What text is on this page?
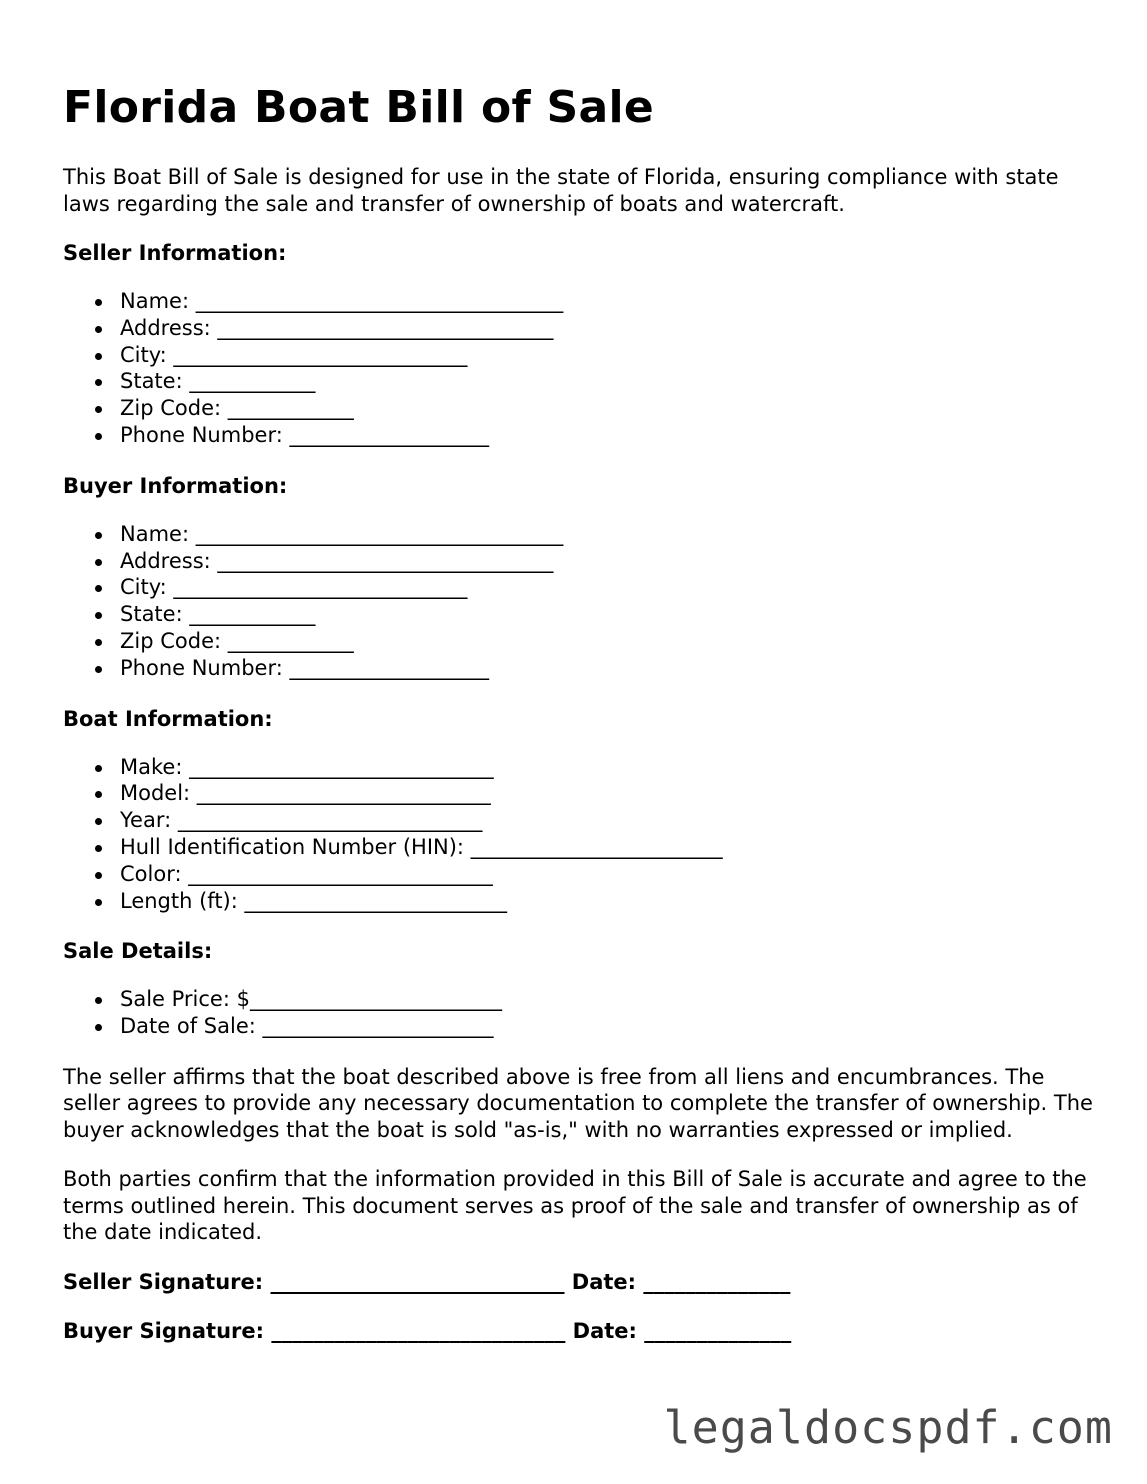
Florida Boat Bill of Sale

This Boat Bill of Sale is designed for use in the state of Florida, ensuring compliance with state laws regarding the sale and transfer of ownership of boats and watercraft.

Seller Information:
Name: ___________________________________
Address: ________________________________
City: ____________________________
State: ____________
Zip Code: ____________
Phone Number: ___________________
Buyer Information:
Name: ___________________________________
Address: ________________________________
City: ____________________________
State: ____________
Zip Code: ____________
Phone Number: ___________________
Boat Information:
Make: _____________________________
Model: ____________________________
Year: _____________________________
Hull Identification Number (HIN): ________________________
Color: _____________________________
Length (ft): _________________________
Sale Details:
Sale Price: $________________________
Date of Sale: ______________________

The seller affirms that the boat described above is free from all liens and encumbrances. The seller agrees to provide any necessary documentation to complete the transfer of ownership. The buyer acknowledges that the boat is sold "as-is," with no warranties expressed or implied.

Both parties confirm that the information provided in this Bill of Sale is accurate and agree to the terms outlined herein. This document serves as proof of the sale and transfer of ownership as of the date indicated.

Seller Signature: ____________________________ Date: ______________
Buyer Signature: ____________________________ Date: ______________
legaldocspdf.com
